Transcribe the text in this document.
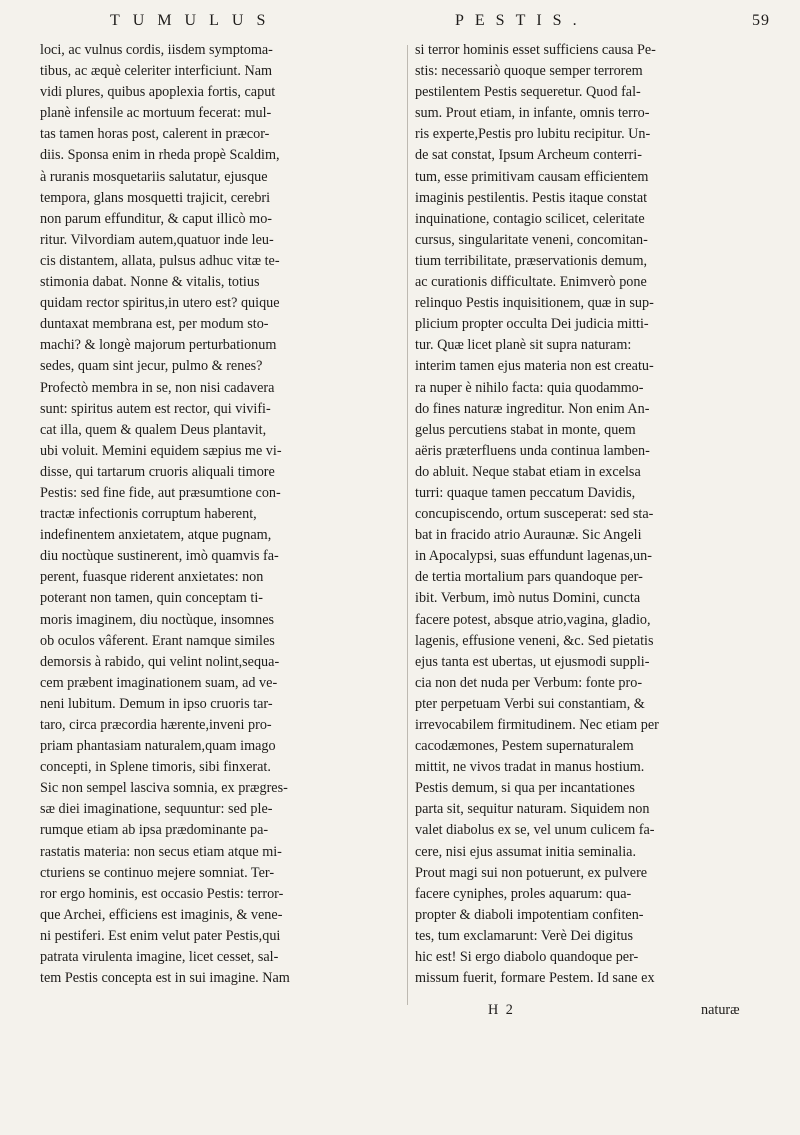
TUMULUS	PESTIS.	59
loci, ac vulnus cordis, iisdem symptoma-
tibus, ac æquè celeriter interficiunt. Nam
vidi plures, quibus apoplexia fortis, caput
planè infensile ac mortuum fecerat: mul-
tas tamen horas post, calerent in præcor-
diis. Sponsa enim in rheda propè Scaldim,
à ruranis mosquetariis salutatur, ejusque
tempora, glans mosquetti trajicit, cerebri
non parum effunditur, & caput illicò mo-
ritur. Vilvordiam autem,quatuor inde leu-
cis distantem, allata, pulsus adhuc vitæ te-
stimonia dabat. Nonne & vitalis, totius
quidam rector spiritus,in utero est? quique
duntaxat membrana est, per modum sto-
machi? & longè majorum perturbationum
sedes, quam sint jecur, pulmo & renes?
Profectò membra in se, non nisi cadavera
sunt: spiritus autem est rector, qui vivifi-
cat illa, quem & qualem Deus plantavit,
ubi voluit. Memini equidem sæpius me vi-
disse, qui tartarum cruoris aliquali timore
Pestis: sed fine fide, aut præsumtione con-
tractæ infectionis corruptum haberent,
indefinentem anxietatem, atque pugnam,
diu noctùque sustinerent, imò quamvis fa-
perent, fuasque riderent anxietates: non
poterant non tamen, quin conceptam ti-
moris imaginem, diu noctùque, insomnes
ob oculos vâferent. Erant namque similes
demorsis à rabido, qui velint nolint,sequa-
cem præbent imaginationem suam, ad ve-
neni lubitum. Demum in ipso cruoris tar-
taro, circa præcordia hærente,inveni pro-
priam phantasiam naturalem,quam imago
concepti, in Splene timoris, sibi finxerat.
Sic non sempel lasciva somnia, ex prægres-
sæ diei imaginatione, sequuntur: sed ple-
rumque etiam ab ipsa prædominante pa-
rastatis materia: non secus etiam atque mi-
cturiens se continuo mejere somniat. Ter-
ror ergo hominis, est occasio Pestis: terror-
que Archei, efficiens est imaginis, & vene-
ni pestiferi. Est enim velut pater Pestis,qui
patrata virulenta imagine, licet cesset, sal-
tem Pestis concepta est in sui imagine. Nam
si terror hominis esset sufficiens causa Pe-
stis: necessariò quoque semper terrorem
pestilentem Pestis sequeretur. Quod fal-
sum. Prout etiam, in infante, omnis terro-
ris experte,Pestis pro lubitu recipitur. Un-
de sat constat, Ipsum Archeum conterri-
tum, esse primitivam causam efficientem
imaginis pestilentis. Pestis itaque constat
inquinatione, contagio scilicet, celeritate
cursus, singularitate veneni, concomitan-
tium terribilitate, præservationis demum,
ac curationis difficultate. Enimverò pone
relinquo Pestis inquisitionem, quæ in sup-
plicium propter occulta Dei judicia mitti-
tur. Quæ licet planè sit supra naturam:
interim tamen ejus materia non est creatu-
ra nuper è nihilo facta: quia quodammo-
do fines naturæ ingreditur. Non enim An-
gelus percutiens stabat in monte, quem
aëris præterfluens unda continua lamben-
do abluit. Neque stabat etiam in excelsa
turri: quaque tamen peccatum Davidis,
concupiscendo, ortum susceperat: sed sta-
bat in fracido atrio Auraunæ. Sic Angeli
in Apocalypsi, suas effundunt lagenas,un-
de tertia mortalium pars quandoque per-
ibit. Verbum, imò nutus Domini, cuncta
facere potest, absque atrio,vagina, gladio,
lagenis, effusione veneni, &c. Sed pietatis
ejus tanta est ubertas, ut ejusmodi suppli-
cia non det nuda per Verbum: fonte pro-
pter perpetuam Verbi sui constantiam, &
irrevocabilem firmitudinem. Nec etiam per
cacodæmones, Pestem supernaturalem
mittit, ne vivos tradat in manus hostium.
Pestis demum, si qua per incantationes
parta sit, sequitur naturam. Siquidem non
valet diabolus ex se, vel unum culicem fa-
cere, nisi ejus assumat initia seminalia.
Prout magi sui non potuerunt, ex pulvere
facere cyniphes, proles aquarum: qua-
propter & diaboli impotentiam confiten-
tes, tum exclamarunt: Verè Dei digitus
hic est! Si ergo diabolo quandoque per-
missum fuerit, formare Pestem. Id sane ex
H 2	naturæ
